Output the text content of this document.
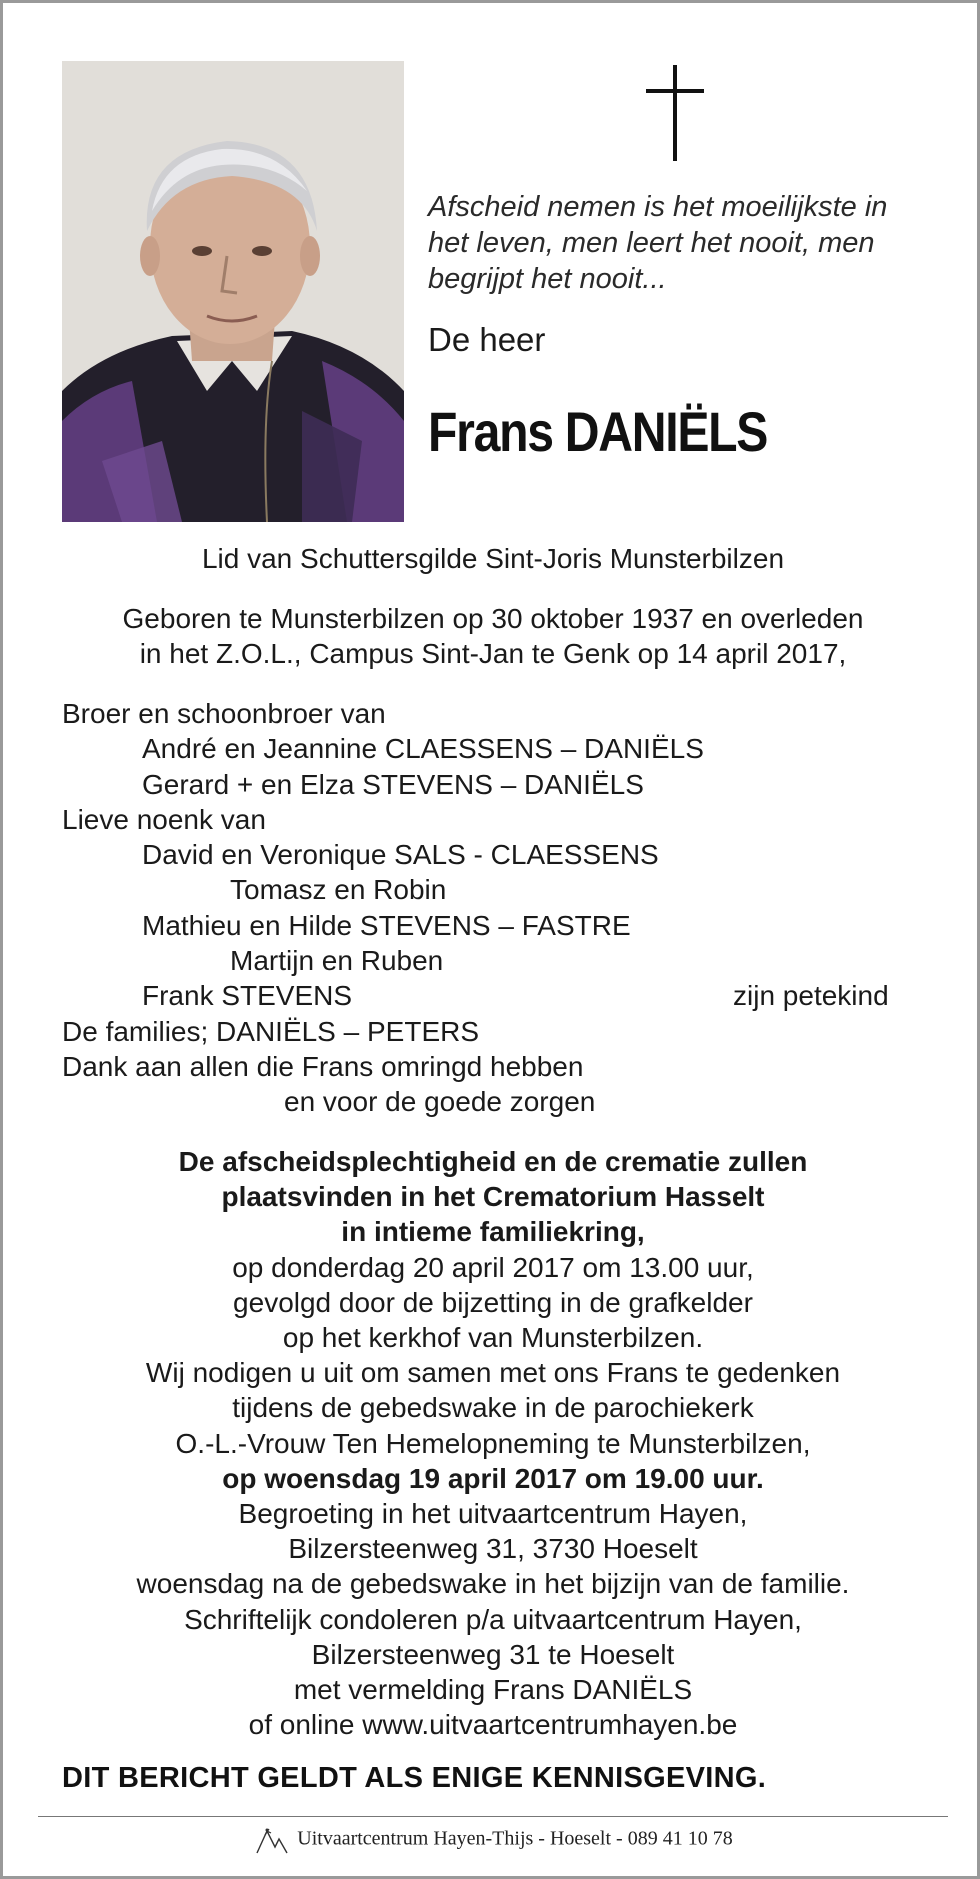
Afscheid nemen is het moeilijkste in
het leven, men leert het nooit, men
begrijpt het nooit...
De heer
Frans DANIËLS
Lid van Schuttersgilde Sint-Joris Munsterbilzen
Geboren te Munsterbilzen op 30 oktober 1937 en overleden
in het Z.O.L., Campus Sint-Jan te Genk op 14 april 2017,
Broer en schoonbroer van
André en Jeannine CLAESSENS – DANIËLS
Gerard + en Elza STEVENS – DANIËLS
Lieve noenk van
David en Veronique SALS - CLAESSENS
Tomasz en Robin
Mathieu en Hilde STEVENS – FASTRE
Martijn en Ruben
Frank STEVENS	zijn petekind
De families; DANIËLS – PETERS
Dank aan allen die Frans omringd hebben
en voor de goede zorgen
De afscheidsplechtigheid en de crematie zullen
plaatsvinden in het Crematorium Hasselt
in intieme familiekring,
op donderdag 20 april 2017 om 13.00 uur,
gevolgd door de bijzetting in de grafkelder
op het kerkhof van Munsterbilzen.
Wij nodigen u uit om samen met ons Frans te gedenken
tijdens de gebedswake in de parochiekerk
O.-L.-Vrouw Ten Hemelopneming te Munsterbilzen,
op woensdag 19 april 2017 om 19.00 uur.
Begroeting in het uitvaartcentrum Hayen,
Bilzersteenweg 31, 3730 Hoeselt
woensdag na de gebedswake in het bijzijn van de familie.
Schriftelijk condoleren p/a uitvaartcentrum Hayen,
Bilzersteenweg 31 te Hoeselt
met vermelding Frans DANIËLS
of online www.uitvaartcentrumhayen.be
DIT BERICHT GELDT ALS ENIGE KENNISGEVING.
Uitvaartcentrum Hayen-Thijs - Hoeselt - 089 41 10 78
